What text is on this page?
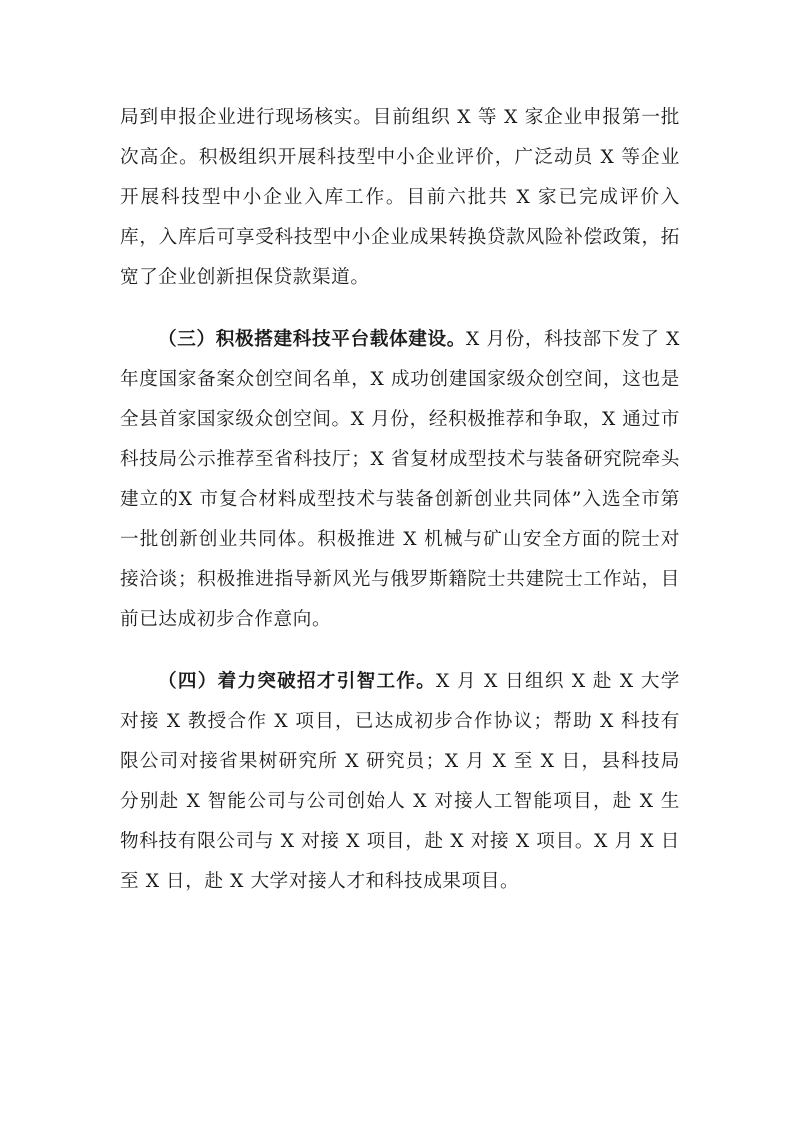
局到申报企业进行现场核实。目前组织 X 等 X 家企业申报第一批次高企。积极组织开展科技型中小企业评价，广泛动员 X 等企业开展科技型中小企业入库工作。目前六批共 X 家已完成评价入库，入库后可享受科技型中小企业成果转换贷款风险补偿政策，拓宽了企业创新担保贷款渠道。

（三）积极搭建科技平台载体建设。X 月份，科技部下发了 X 年度国家备案众创空间名单，X 成功创建国家级众创空间，这也是全县首家国家级众创空间。X 月份，经积极推荐和争取，X 通过市科技局公示推荐至省科技厅；X 省复材成型技术与装备研究院牵头建立的X 市复合材料成型技术与装备创新创业共同体”入选全市第一批创新创业共同体。积极推进 X 机械与矿山安全方面的院士对接洽谈；积极推进指导新风光与俄罗斯籍院士共建院士工作站，目前已达成初步合作意向。

（四）着力突破招才引智工作。X 月 X 日组织 X 赴 X 大学对接 X 教授合作 X 项目，已达成初步合作协议；帮助 X 科技有限公司对接省果树研究所 X 研究员；X 月 X 至 X 日，县科技局分别赴 X 智能公司与公司创始人 X 对接人工智能项目，赴 X 生物科技有限公司与 X 对接 X 项目，赴 X 对接 X 项目。X 月 X 日至 X 日，赴 X 大学对接人才和科技成果项目。
